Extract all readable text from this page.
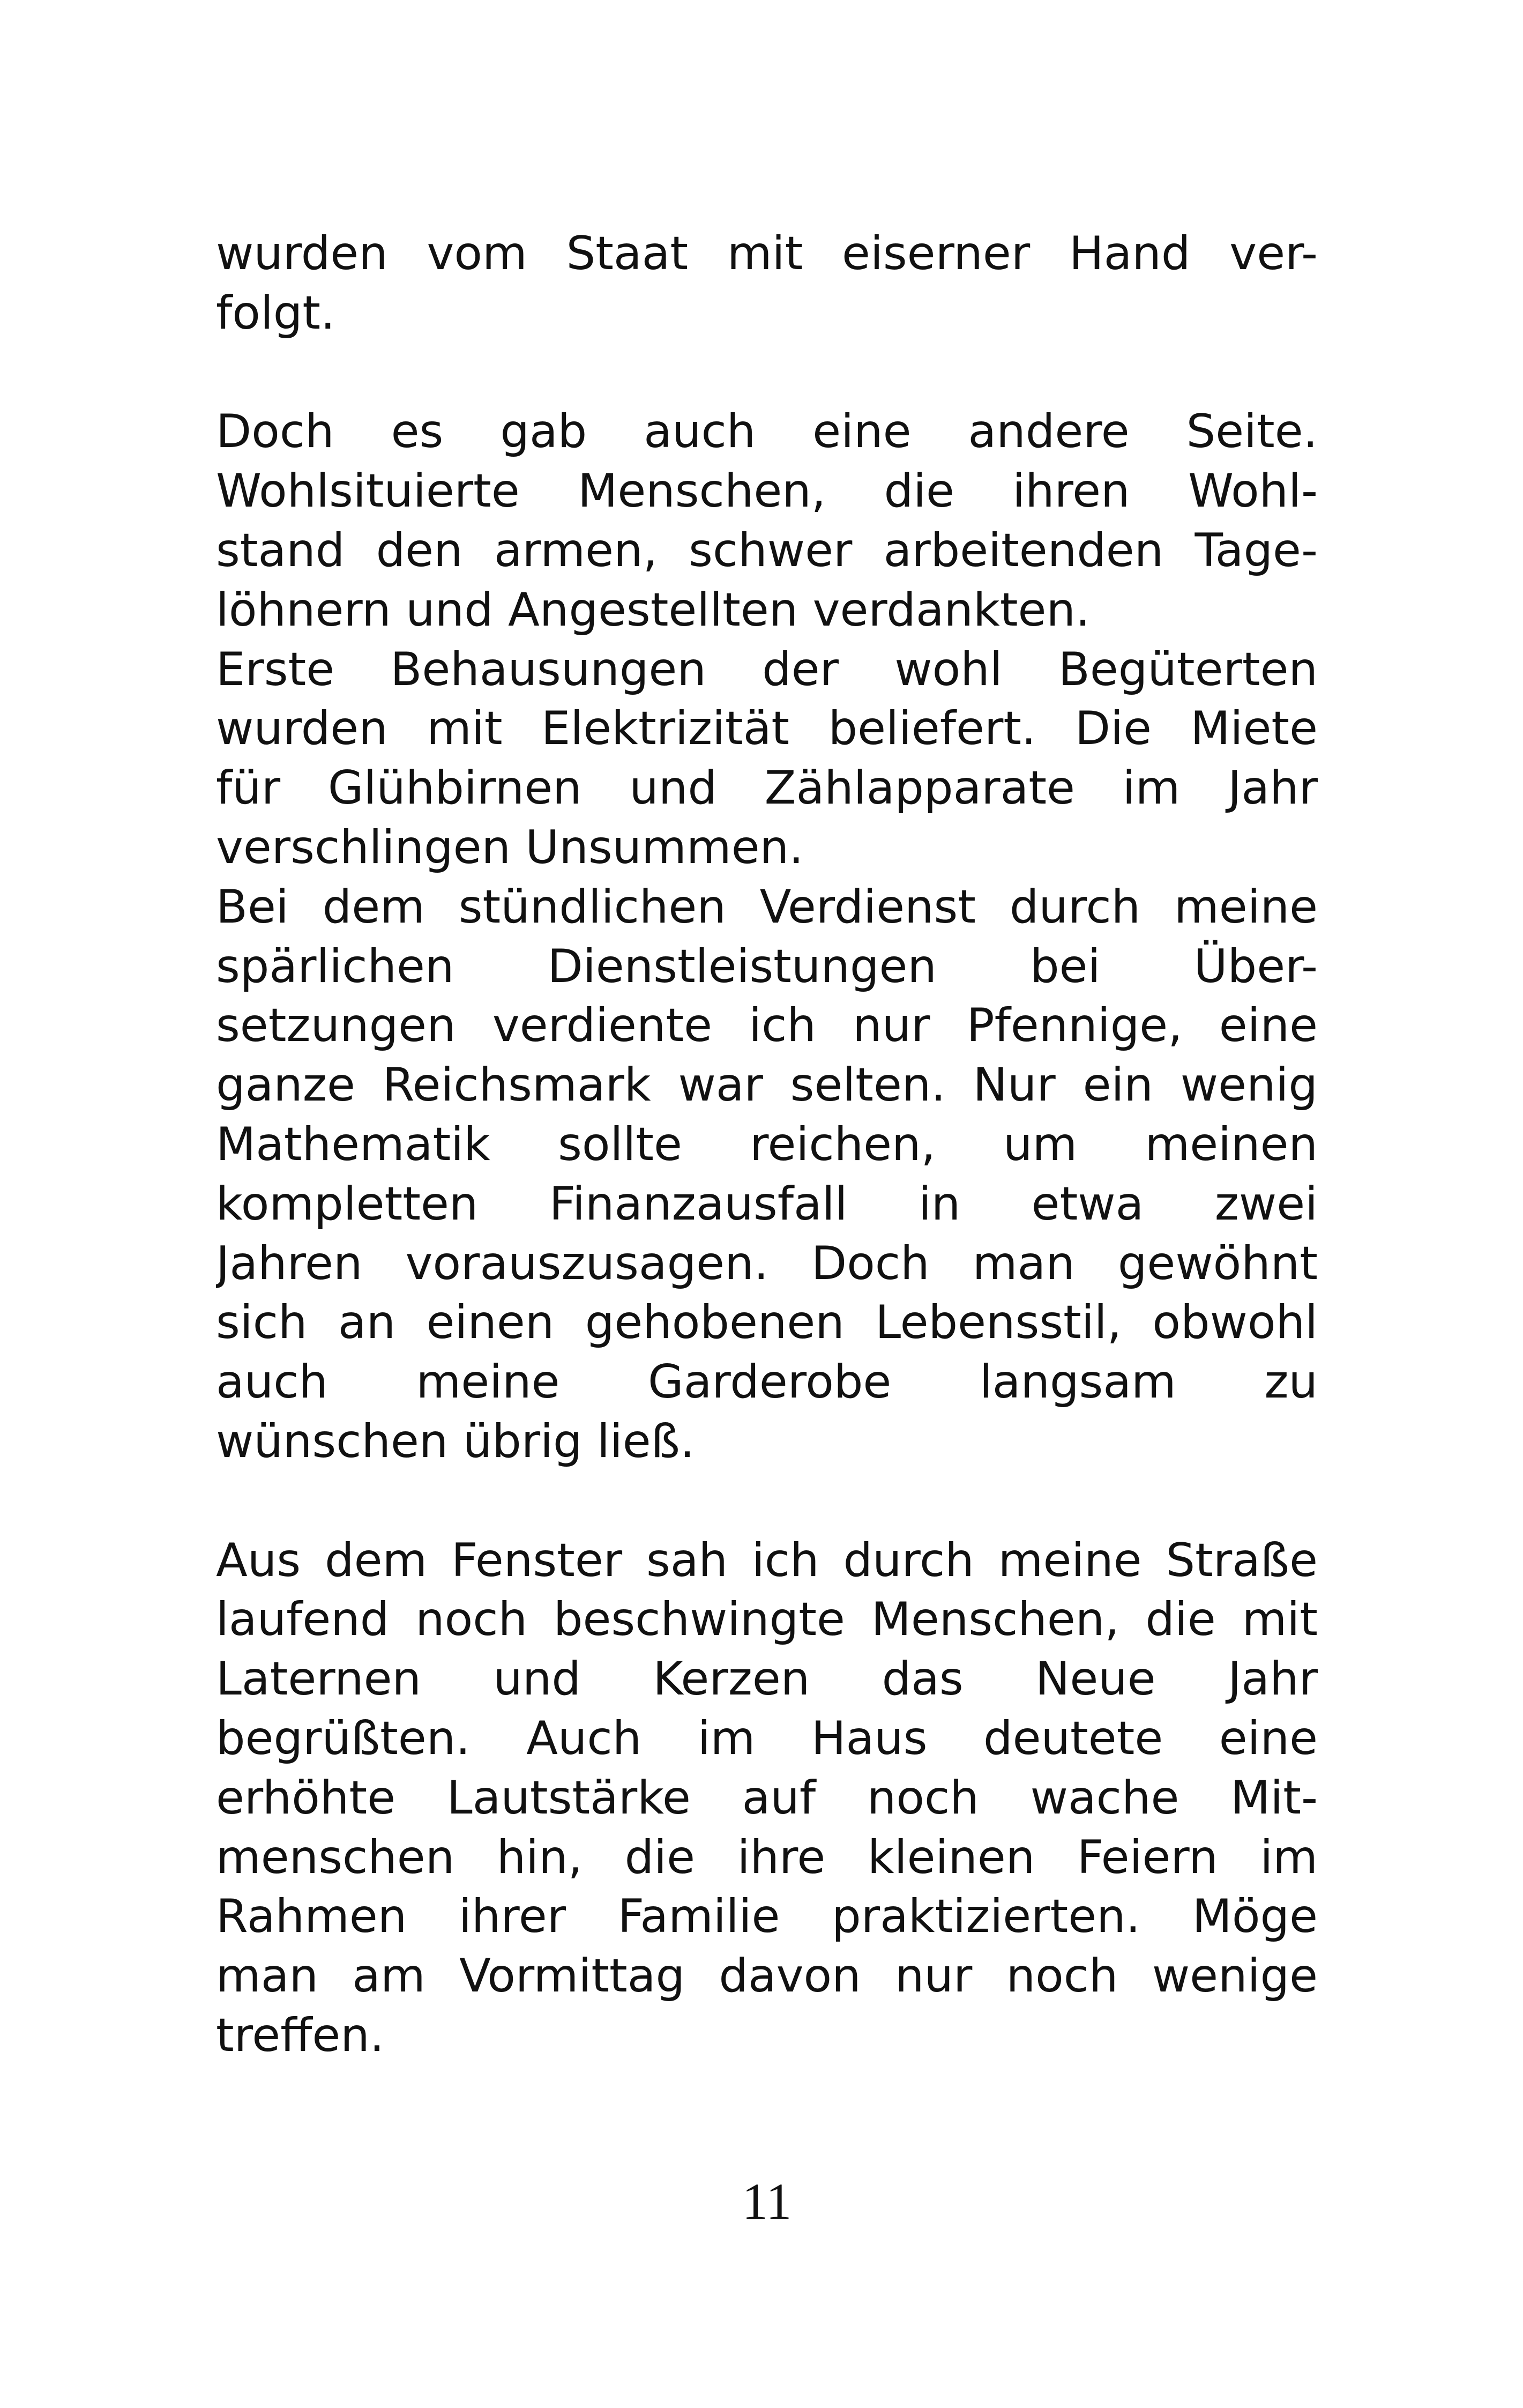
wurden vom Staat mit eiserner Hand ver-
folgt.
Doch es gab auch eine andere Seite.
Wohlsituierte Menschen, die ihren Wohl-
stand den armen, schwer arbeitenden Tage-
löhnern und Angestellten verdankten.
Erste Behausungen der wohl Begüterten
wurden mit Elektrizität beliefert. Die Miete
für Glühbirnen und Zählapparate im Jahr
verschlingen Unsummen.
Bei dem stündlichen Verdienst durch meine
spärlichen Dienstleistungen bei Über-
setzungen verdiente ich nur Pfennige, eine
ganze Reichsmark war selten. Nur ein wenig
Mathematik sollte reichen, um meinen
kompletten Finanzausfall in etwa zwei
Jahren vorauszusagen. Doch man gewöhnt
sich an einen gehobenen Lebensstil, obwohl
auch meine Garderobe langsam zu
wünschen übrig ließ.
Aus dem Fenster sah ich durch meine Straße
laufend noch beschwingte Menschen, die mit
Laternen und Kerzen das Neue Jahr
begrüßten. Auch im Haus deutete eine
erhöhte Lautstärke auf noch wache Mit-
menschen hin, die ihre kleinen Feiern im
Rahmen ihrer Familie praktizierten. Möge
man am Vormittag davon nur noch wenige
treffen.
11
